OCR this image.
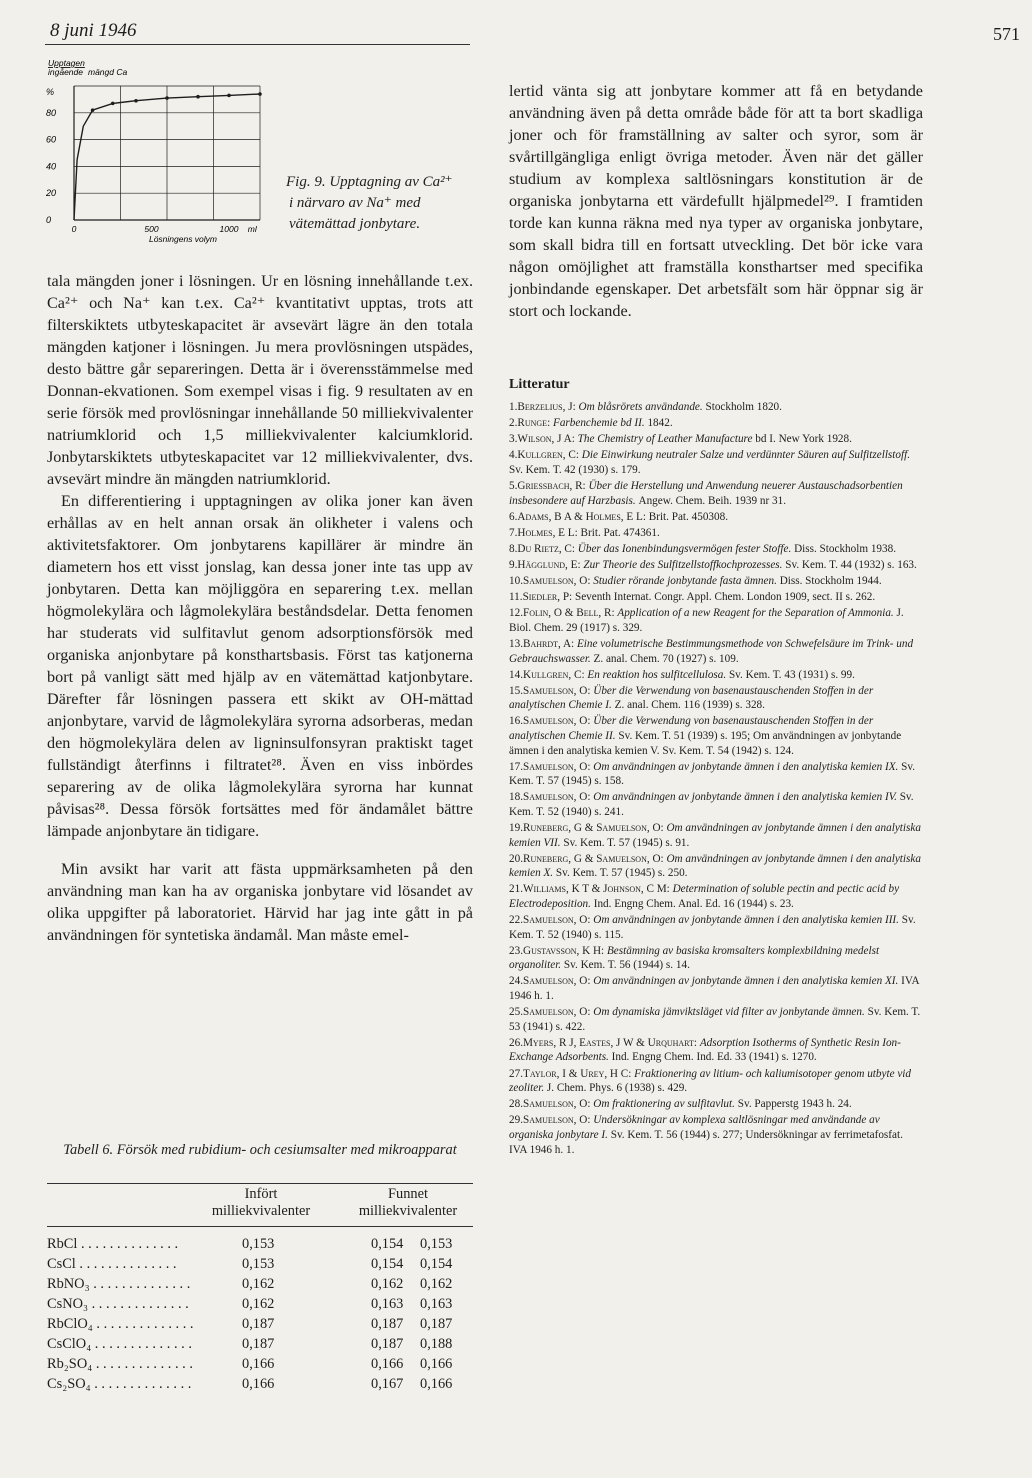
8 juni 1946	571
Upptagen
ingående mängd Ca
%
80
60
40
20
0
0	500	1000 ml
Lösningens volym
Fig. 9. Upptagning av Ca²⁺
i närvaro av Na⁺ med
vätemättad jonbytare.

tala mängden joner i lösningen. Ur en lösning innehållande t.ex. Ca²⁺ och Na⁺ kan t.ex. Ca²⁺ kvantitativt upptas, trots att filterskiktets utbyteskapacitet är avsevärt lägre än den totala mängden katjoner i lösningen. Ju mera provlösningen utspädes, desto bättre går separeringen. Detta är i överensstämmelse med Donnan-ekvationen. Som exempel visas i fig. 9 resultaten av en serie försök med provlösningar innehållande 50 milliekvivalenter natriumklorid och 1,5 milliekvivalenter kalciumklorid. Jonbytarskiktets utbyteskapacitet var 12 milliekvivalenter, dvs. avsevärt mindre än mängden natriumklorid.

En differentiering i upptagningen av olika joner kan även erhållas av en helt annan orsak än olikheter i valens och aktivitetsfaktorer. Om jonbytarens kapillärer är mindre än diametern hos ett visst jonslag, kan dessa joner inte tas upp av jonbytaren. Detta kan möjliggöra en separering t.ex. mellan högmolekylära och lågmolekylära beståndsdelar. Detta fenomen har studerats vid sulfitavlut genom adsorptionsförsök med organiska anjonbytare på konsthartsbasis. Först tas katjonerna bort på vanligt sätt med hjälp av en vätemättad katjonbytare. Därefter får lösningen passera ett skikt av OH-mättad anjonbytare, varvid de lågmolekylära syrorna adsorberas, medan den högmolekylära delen av ligninsulfonsyran praktiskt taget fullständigt återfinns i filtratet²⁸. Även en viss inbördes separering av de olika lågmolekylära syrorna har kunnat påvisas²⁸. Dessa försök fortsättes med för ändamålet bättre lämpade anjonbytare än tidigare.

Min avsikt har varit att fästa uppmärksamheten på den användning man kan ha av organiska jonbytare vid lösandet av olika uppgifter på laboratoriet. Härvid har jag inte gått in på användningen för syntetiska ändamål. Man måste emel-

lertid vänta sig att jonbytare kommer att få en betydande användning även på detta område både för att ta bort skadliga joner och för framställning av salter och syror, som är svårtillgängliga enligt övriga metoder. Även när det gäller studium av komplexa saltlösningars konstitution är de organiska jonbytarna ett värdefullt hjälpmedel²⁹. I framtiden torde kan kunna räkna med nya typer av organiska jonbytare, som skall bidra till en fortsatt utveckling. Det bör icke vara någon omöjlighet att framställa konsthartser med specifika jonbindande egenskaper. Det arbetsfält som här öppnar sig är stort och lockande.

Litteratur
1.Berzelius, J: Om blåsrörets användande. Stockholm 1820.
2.Runge: Farbenchemie bd II. 1842.
3.Wilson, J A: The Chemistry of Leather Manufacture bd I. New York 1928.
4.Kullgren, C: Die Einwirkung neutraler Salze und verdünnter Säuren auf Sulfitzellstoff. Sv. Kem. T. 42 (1930) s. 179.
5.Griessbach, R: Über die Herstellung und Anwendung neuerer Austauschadsorbentien insbesondere auf Harzbasis. Angew. Chem. Beih. 1939 nr 31.
6.Adams, B A & Holmes, E L: Brit. Pat. 450308.
7.Holmes, E L: Brit. Pat. 474361.
8.Du Rietz, C: Über das Ionenbindungsvermögen fester Stoffe. Diss. Stockholm 1938.
9.Hägglund, E: Zur Theorie des Sulfitzellstoffkochprozesses. Sv. Kem. T. 44 (1932) s. 163.
10.Samuelson, O: Studier rörande jonbytande fasta ämnen. Diss. Stockholm 1944.
11.Siedler, P: Seventh Internat. Congr. Appl. Chem. London 1909, sect. II s. 262.
12.Folin, O & Bell, R: Application of a new Reagent for the Separation of Ammonia. J. Biol. Chem. 29 (1917) s. 329.
13.Bahrdt, A: Eine volumetrische Bestimmungsmethode von Schwefelsäure im Trink- und Gebrauchswasser. Z. anal. Chem. 70 (1927) s. 109.
14.Kullgren, C: En reaktion hos sulfitcellulosa. Sv. Kem. T. 43 (1931) s. 99.
15.Samuelson, O: Über die Verwendung von basenaustauschenden Stoffen in der analytischen Chemie I. Z. anal. Chem. 116 (1939) s. 328.
16.Samuelson, O: Über die Verwendung von basenaustauschenden Stoffen in der analytischen Chemie II. Sv. Kem. T. 51 (1939) s. 195; Om användningen av jonbytande ämnen i den analytiska kemien V. Sv. Kem. T. 54 (1942) s. 124.
17.Samuelson, O: Om användningen av jonbytande ämnen i den analytiska kemien IX. Sv. Kem. T. 57 (1945) s. 158.
18.Samuelson, O: Om användningen av jonbytande ämnen i den analytiska kemien IV. Sv. Kem. T. 52 (1940) s. 241.
19.Runeberg, G & Samuelson, O: Om användningen av jonbytande ämnen i den analytiska kemien VII. Sv. Kem. T. 57 (1945) s. 91.
20.Runeberg, G & Samuelson, O: Om användningen av jonbytande ämnen i den analytiska kemien X. Sv. Kem. T. 57 (1945) s. 250.
21.Williams, K T & Johnson, C M: Determination of soluble pectin and pectic acid by Electrodeposition. Ind. Engng Chem. Anal. Ed. 16 (1944) s. 23.
22.Samuelson, O: Om användningen av jonbytande ämnen i den analytiska kemien III. Sv. Kem. T. 52 (1940) s. 115.
23.Gustavsson, K H: Bestämning av basiska kromsalters komplexbildning medelst organoliter. Sv. Kem. T. 56 (1944) s. 14.
24.Samuelson, O: Om användningen av jonbytande ämnen i den analytiska kemien XI. IVA 1946 h. 1.
25.Samuelson, O: Om dynamiska jämviktsläget vid filter av jonbytande ämnen. Sv. Kem. T. 53 (1941) s. 422.
26.Myers, R J, Eastes, J W & Urquhart: Adsorption Isotherms of Synthetic Resin Ion-Exchange Adsorbents. Ind. Engng Chem. Ind. Ed. 33 (1941) s. 1270.
27.Taylor, I & Urey, H C: Fraktionering av litium- och kaliumisotoper genom utbyte vid zeoliter. J. Chem. Phys. 6 (1938) s. 429.
28.Samuelson, O: Om fraktionering av sulfitavlut. Sv. Papperstg 1943 h. 24.
29.Samuelson, O: Undersökningar av komplexa saltlösningar med användande av organiska jonbytare I. Sv. Kem. T. 56 (1944) s. 277; Undersökningar av ferrimetafosfat. IVA 1946 h. 1.
Tabell 6. Försök med rubidium- och cesiumsalter med mikroapparat
Infört
milliekvivalenter
Funnet
milliekvivalenter
RbCl . . . . . . . . . . . . . .	0,153	0,154 0,153
CsCl . . . . . . . . . . . . . .	0,153	0,154 0,154
RbNO₃ . . . . . . . . . . . . . .	0,162	0,162 0,162
CsNO₃ . . . . . . . . . . . . . .	0,162	0,163 0,163
RbClO₄ . . . . . . . . . . . . . .	0,187	0,187 0,187
CsClO₄ . . . . . . . . . . . . . .	0,187	0,187 0,188
Rb₂SO₄ . . . . . . . . . . . . . .	0,166	0,166 0,166
Cs₂SO₄ . . . . . . . . . . . . . .	0,166	0,167 0,166
